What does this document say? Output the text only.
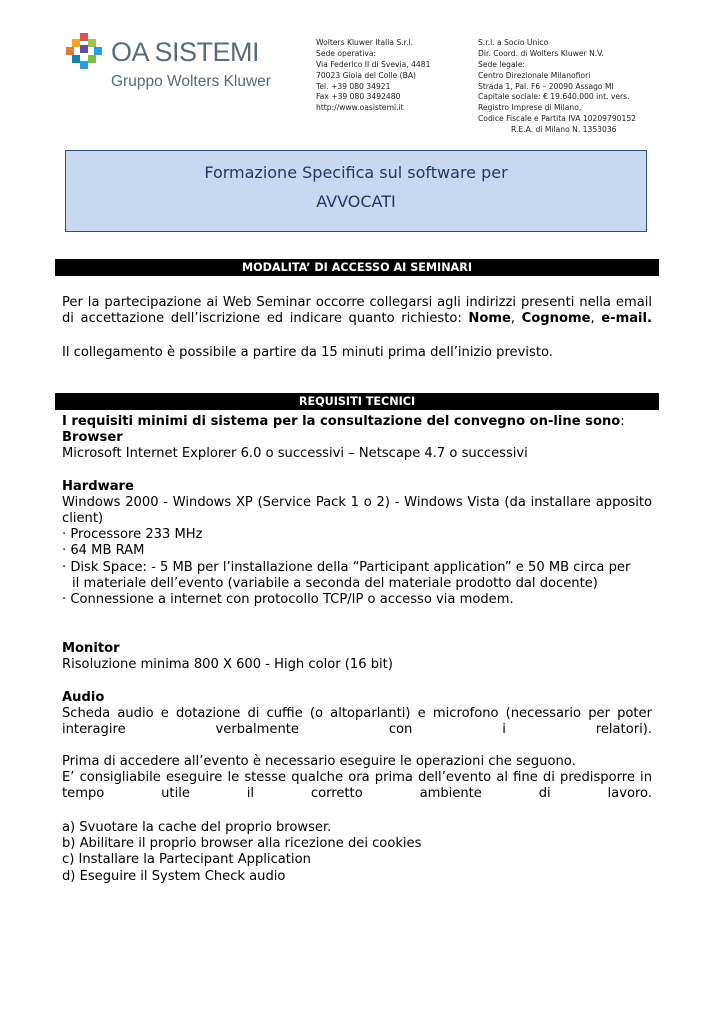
OA SISTEMI
Gruppo Wolters Kluwer
Wolters Kluwer Italia S.r.l.
Sede operativa:
Via Federico II di Svevia, 4481
70023 Gioia del Colle (BA)
Tel. +39 080 34921
Fax +39 080 3492480
http://www.oasistemi.it
S.r.l. a Socio Unico
Dir. Coord. di Wolters Kluwer N.V.
Sede legale:
Centro Direzionale Milanofiori
Strada 1, Pal. F6 – 20090 Assago MI
Capitale sociale: € 19.640.000 int. vers.
Registro Imprese di Milano,
Codice Fiscale e Partita IVA 10209790152
R.E.A. di Milano N. 1353036
Formazione Specifica sul software per
AVVOCATI
MODALITA’ DI ACCESSO AI SEMINARI
Per la partecipazione ai Web Seminar occorre collegarsi agli indirizzi presenti nella email di accettazione dell’iscrizione ed indicare quanto richiesto: Nome, Cognome, e-mail.
Il collegamento è possibile a partire da 15 minuti prima dell’inizio previsto.
REQUISITI TECNICI
I requisiti minimi di sistema per la consultazione del convegno on-line sono:
Browser
Microsoft Internet Explorer 6.0 o successivi – Netscape 4.7 o successivi
Hardware
Windows 2000 - Windows XP (Service Pack 1 o 2) - Windows Vista (da installare apposito client)
· Processore 233 MHz
· 64 MB RAM
· Disk Space: - 5 MB per l’installazione della “Participant application” e 50 MB circa per
il materiale dell’evento (variabile a seconda del materiale prodotto dal docente)
· Connessione a internet con protocollo TCP/IP o accesso via modem.
Monitor
Risoluzione minima 800 X 600 - High color (16 bit)
Audio
Scheda audio e dotazione di cuffie (o altoparlanti) e microfono (necessario per poter interagire verbalmente con i relatori).
Prima di accedere all’evento è necessario eseguire le operazioni che seguono.
E’ consigliabile eseguire le stesse qualche ora prima dell’evento al fine di predisporre in tempo utile il corretto ambiente di lavoro.
a) Svuotare la cache del proprio browser.
b) Abilitare il proprio browser alla ricezione dei cookies
c) Installare la Partecipant Application
d) Eseguire il System Check audio
